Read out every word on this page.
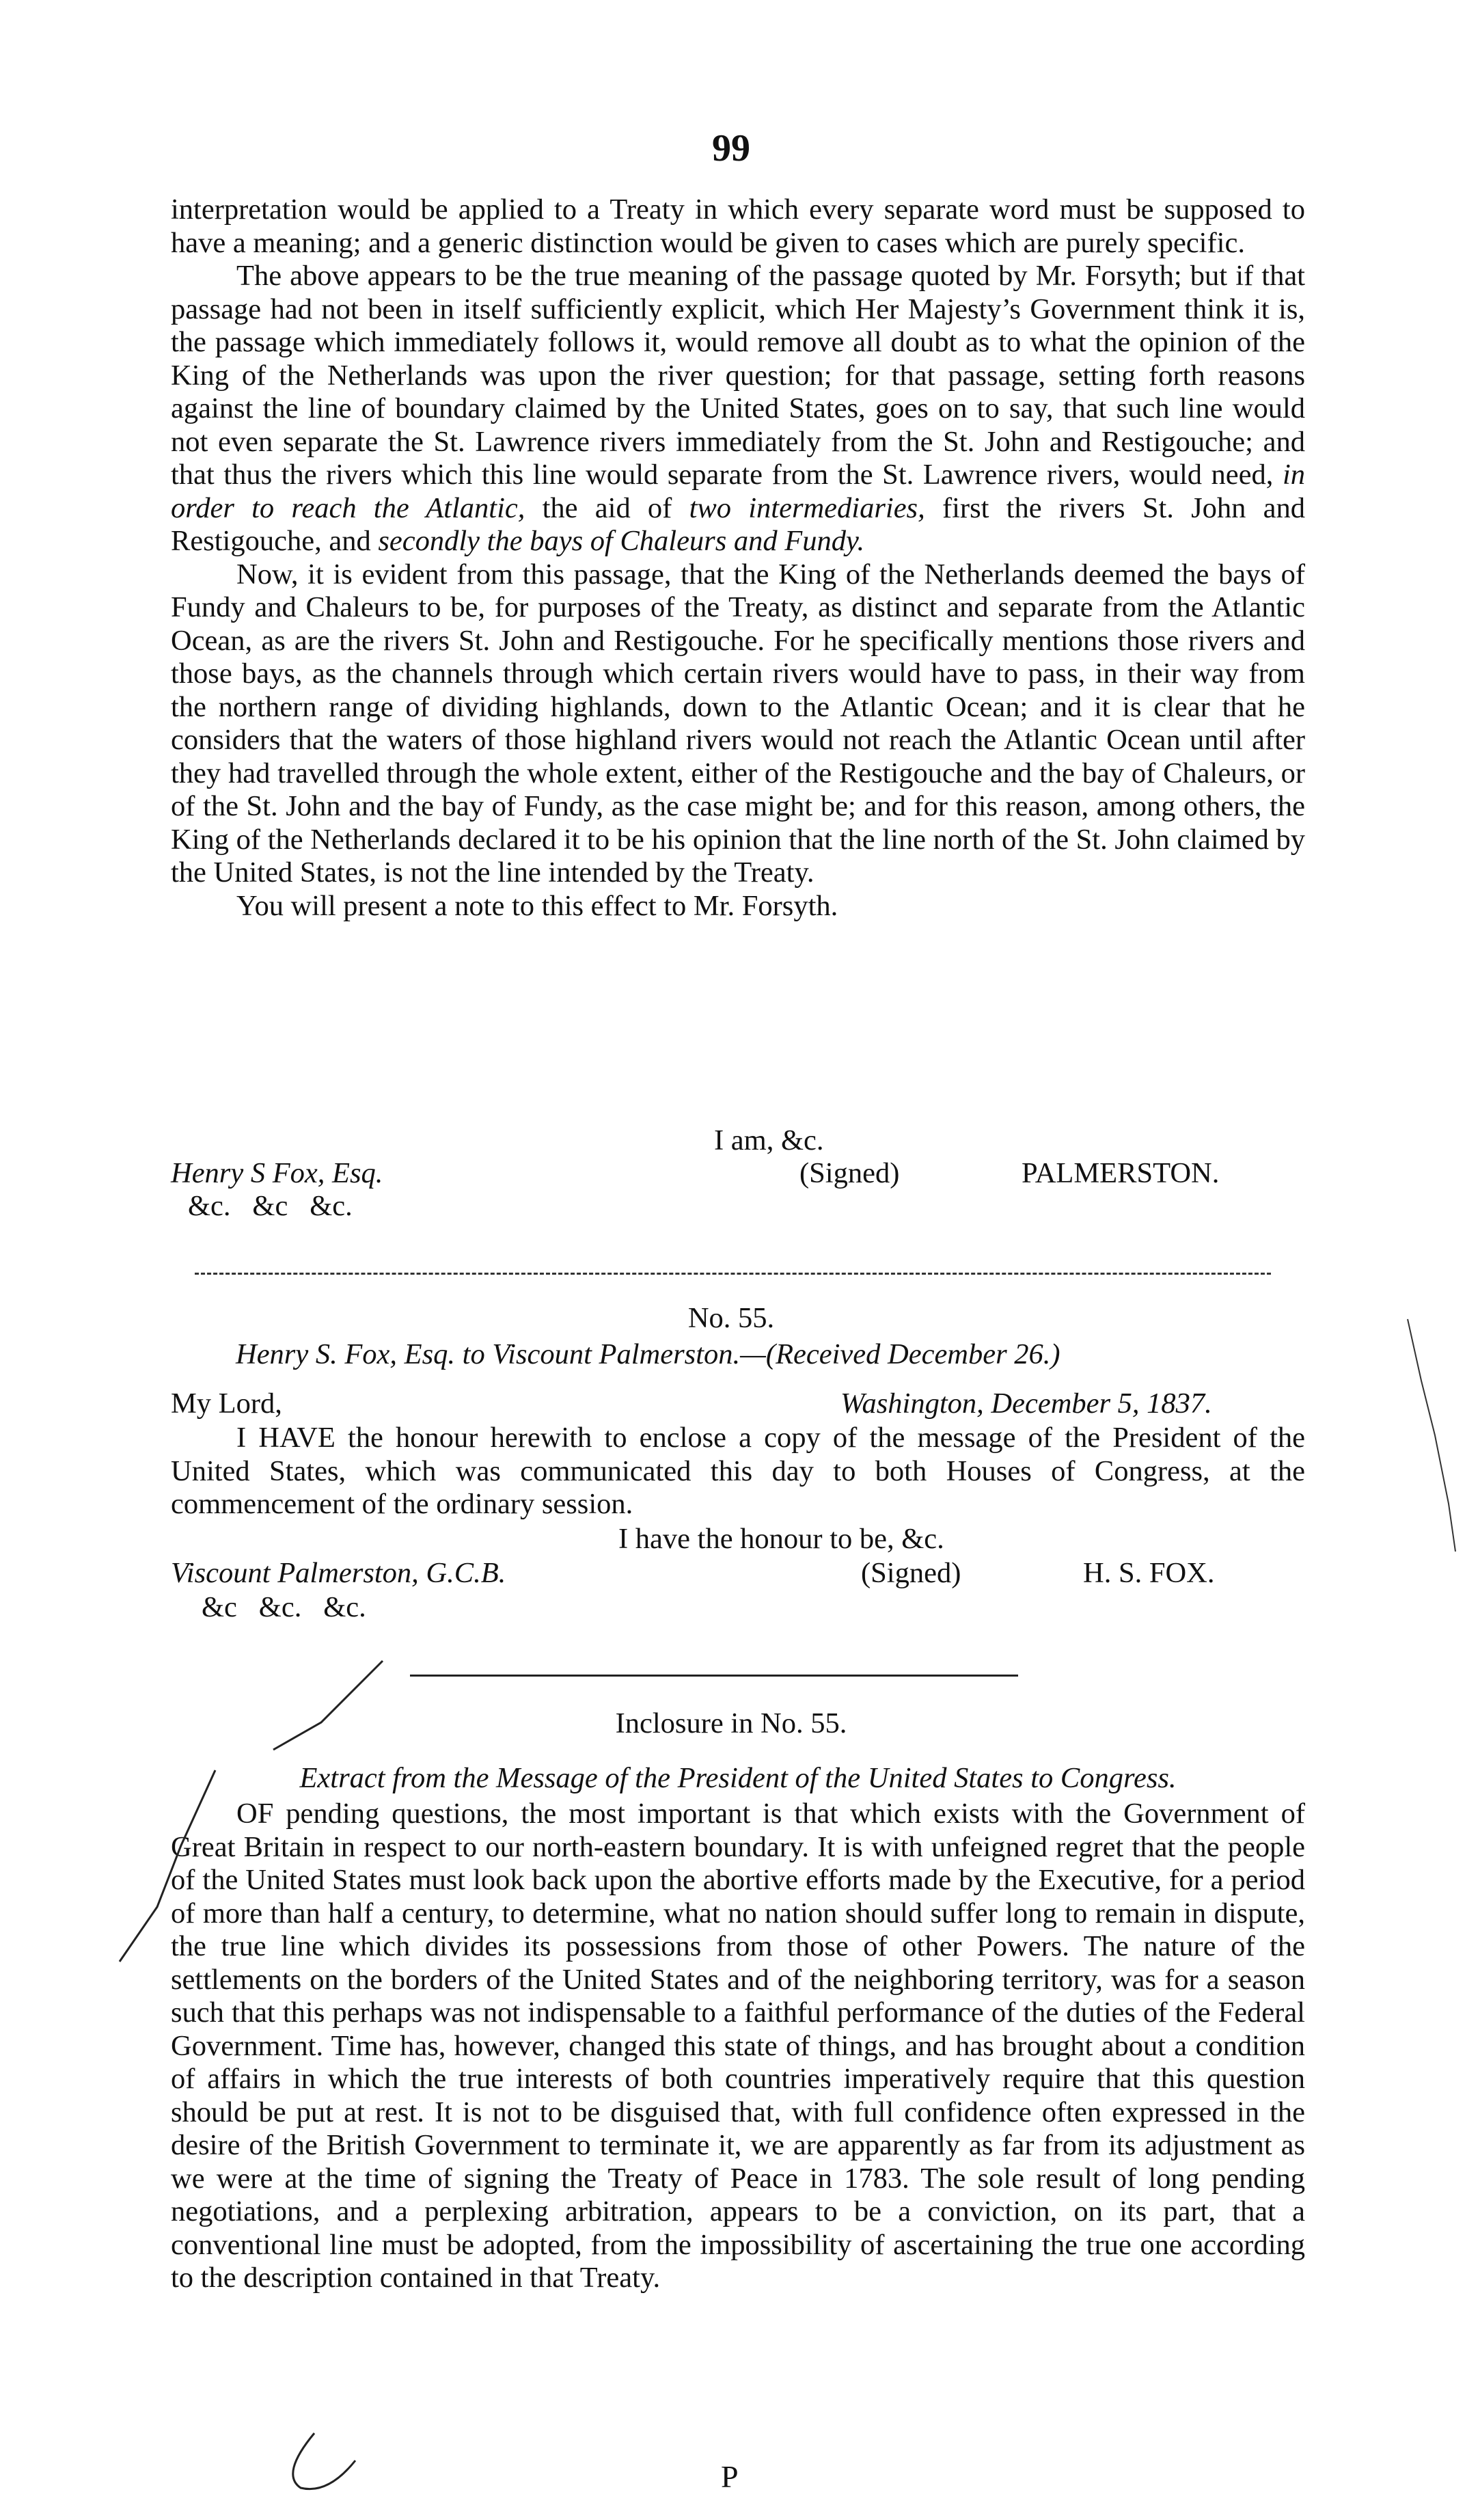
99

interpretation would be applied to a Treaty in which every separate word must be supposed to have a meaning; and a generic distinction would be given to cases which are purely specific.

The above appears to be the true meaning of the passage quoted by Mr. Forsyth; but if that passage had not been in itself sufficiently explicit, which Her Majesty’s Government think it is, the passage which immediately follows it, would remove all doubt as to what the opinion of the King of the Netherlands was upon the river question; for that passage, setting forth reasons against the line of boundary claimed by the United States, goes on to say, that such line would not even separate the St. Lawrence rivers immediately from the St. John and Restigouche; and that thus the rivers which this line would separate from the St. Lawrence rivers, would need, in order to reach the Atlantic, the aid of two intermediaries, first the rivers St. John and Restigouche, and secondly the bays of Chaleurs and Fundy.

Now, it is evident from this passage, that the King of the Netherlands deemed the bays of Fundy and Chaleurs to be, for purposes of the Treaty, as distinct and separate from the Atlantic Ocean, as are the rivers St. John and Restigouche. For he specifically mentions those rivers and those bays, as the channels through which certain rivers would have to pass, in their way from the northern range of dividing highlands, down to the Atlantic Ocean; and it is clear that he considers that the waters of those highland rivers would not reach the Atlantic Ocean until after they had travelled through the whole extent, either of the Restigouche and the bay of Chaleurs, or of the St. John and the bay of Fundy, as the case might be; and for this reason, among others, the King of the Netherlands declared it to be his opinion that the line north of the St. John claimed by the United States, is not the line intended by the Treaty.

You will present a note to this effect to Mr. Forsyth.

I am, &c.
Henry S Fox, Esq.	(Signed)	PALMERSTON.
&c.   &c   &c.
No. 55.
Henry S. Fox, Esq. to Viscount Palmerston.—(Received December 26.)
My Lord,	Washington, December 5, 1837.
I HAVE the honour herewith to enclose a copy of the message of the President of the United States, which was communicated this day to both Houses of Congress, at the commencement of the ordinary session.
I have the honour to be, &c.
Viscount Palmerston, G.C.B.	(Signed)	H. S. FOX.
&c   &c.   &c.
Inclosure in No. 55.
Extract from the Message of the President of the United States to Congress.
OF pending questions, the most important is that which exists with the Government of Great Britain in respect to our north-eastern boundary. It is with unfeigned regret that the people of the United States must look back upon the abortive efforts made by the Executive, for a period of more than half a century, to determine, what no nation should suffer long to remain in dispute, the true line which divides its possessions from those of other Powers. The nature of the settlements on the borders of the United States and of the neighboring territory, was for a season such that this perhaps was not indispensable to a faithful performance of the duties of the Federal Government. Time has, however, changed this state of things, and has brought about a condition of affairs in which the true interests of both countries imperatively require that this question should be put at rest. It is not to be disguised that, with full confidence often expressed in the desire of the British Government to terminate it, we are apparently as far from its adjustment as we were at the time of signing the Treaty of Peace in 1783. The sole result of long pending negotiations, and a perplexing arbitration, appears to be a conviction, on its part, that a conventional line must be adopted, from the impossibility of ascertaining the true one according to the description contained in that Treaty.
P
